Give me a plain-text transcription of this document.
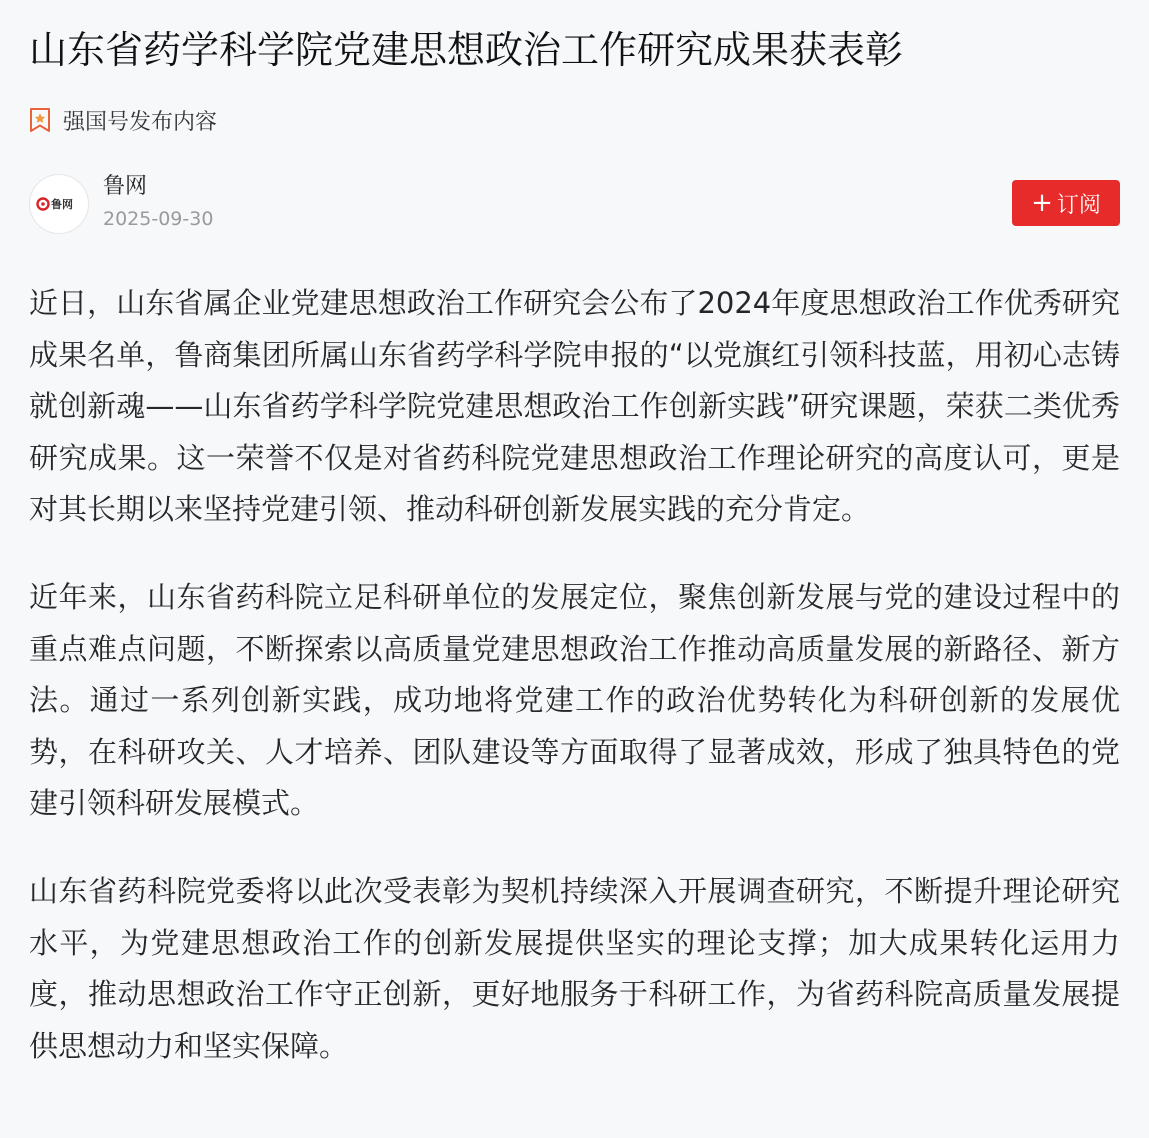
山东省药学科学院党建思想政治工作研究成果获表彰
强国号发布内容
鲁网
鲁网
2025-09-30
+ 订阅

近日，山东省属企业党建思想政治工作研究会公布了2024年度思想政治工作优秀研究成果名单，鲁商集团所属山东省药学科学院申报的“以党旗红引领科技蓝，用初心志铸就创新魂——山东省药学科学院党建思想政治工作创新实践”研究课题，荣获二类优秀研究成果。这一荣誉不仅是对省药科院党建思想政治工作理论研究的高度认可，更是对其长期以来坚持党建引领、推动科研创新发展实践的充分肯定。

近年来，山东省药科院立足科研单位的发展定位，聚焦创新发展与党的建设过程中的重点难点问题，不断探索以高质量党建思想政治工作推动高质量发展的新路径、新方法。通过一系列创新实践，成功地将党建工作的政治优势转化为科研创新的发展优势，在科研攻关、人才培养、团队建设等方面取得了显著成效，形成了独具特色的党建引领科研发展模式。

山东省药科院党委将以此次受表彰为契机持续深入开展调查研究，不断提升理论研究水平，为党建思想政治工作的创新发展提供坚实的理论支撑；加大成果转化运用力度，推动思想政治工作守正创新，更好地服务于科研工作，为省药科院高质量发展提供思想动力和坚实保障。
